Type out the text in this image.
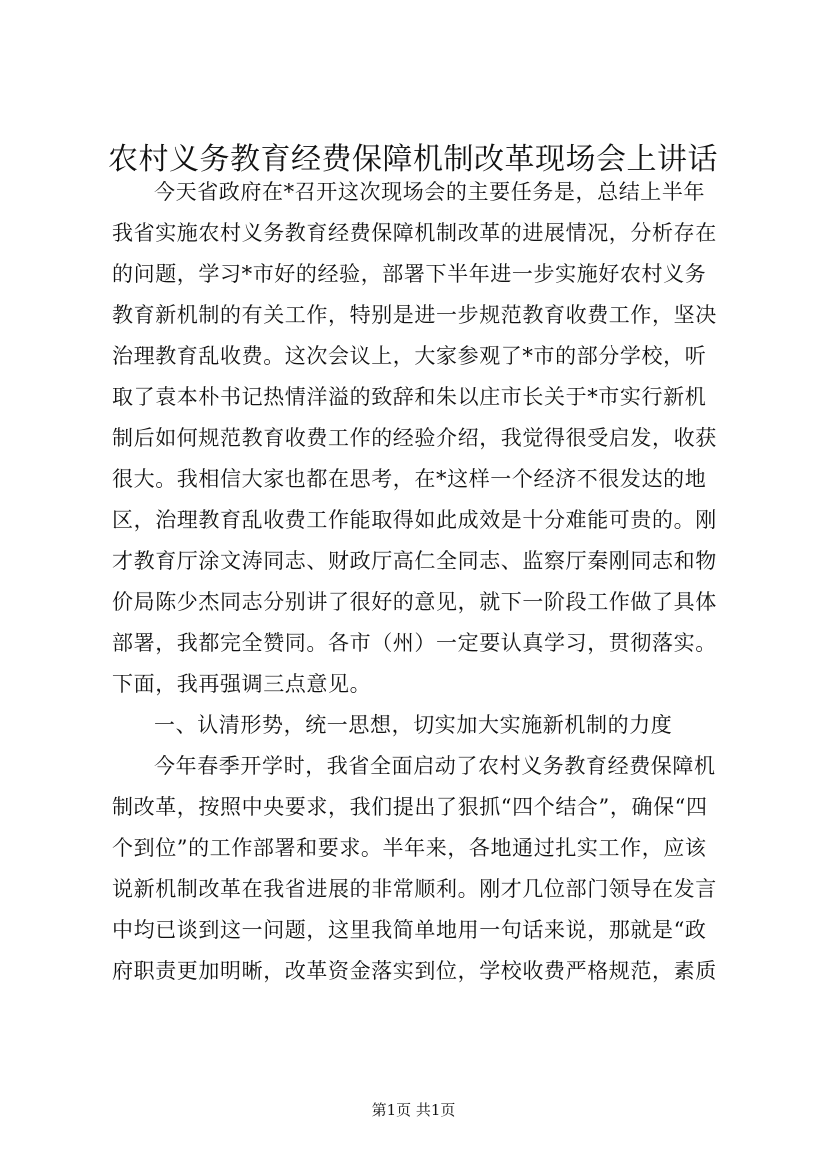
农村义务教育经费保障机制改革现场会上讲话
今天省政府在*召开这次现场会的主要任务是，总结上半年
我省实施农村义务教育经费保障机制改革的进展情况，分析存在
的问题，学习*市好的经验，部署下半年进一步实施好农村义务
教育新机制的有关工作，特别是进一步规范教育收费工作，坚决
治理教育乱收费。这次会议上，大家参观了*市的部分学校，听
取了袁本朴书记热情洋溢的致辞和朱以庄市长关于*市实行新机
制后如何规范教育收费工作的经验介绍，我觉得很受启发，收获
很大。我相信大家也都在思考，在*这样一个经济不很发达的地
区，治理教育乱收费工作能取得如此成效是十分难能可贵的。刚
才教育厅涂文涛同志、财政厅高仁全同志、监察厅秦刚同志和物
价局陈少杰同志分别讲了很好的意见，就下一阶段工作做了具体
部署，我都完全赞同。各市（州）一定要认真学习，贯彻落实。
下面，我再强调三点意见。
一、认清形势，统一思想，切实加大实施新机制的力度
今年春季开学时，我省全面启动了农村义务教育经费保障机
制改革，按照中央要求，我们提出了狠抓“四个结合”，确保“四
个到位”的工作部署和要求。半年来，各地通过扎实工作，应该
说新机制改革在我省进展的非常顺利。刚才几位部门领导在发言
中均已谈到这一问题，这里我简单地用一句话来说，那就是“政
府职责更加明晰，改革资金落实到位，学校收费严格规范，素质
第1页 共1页
